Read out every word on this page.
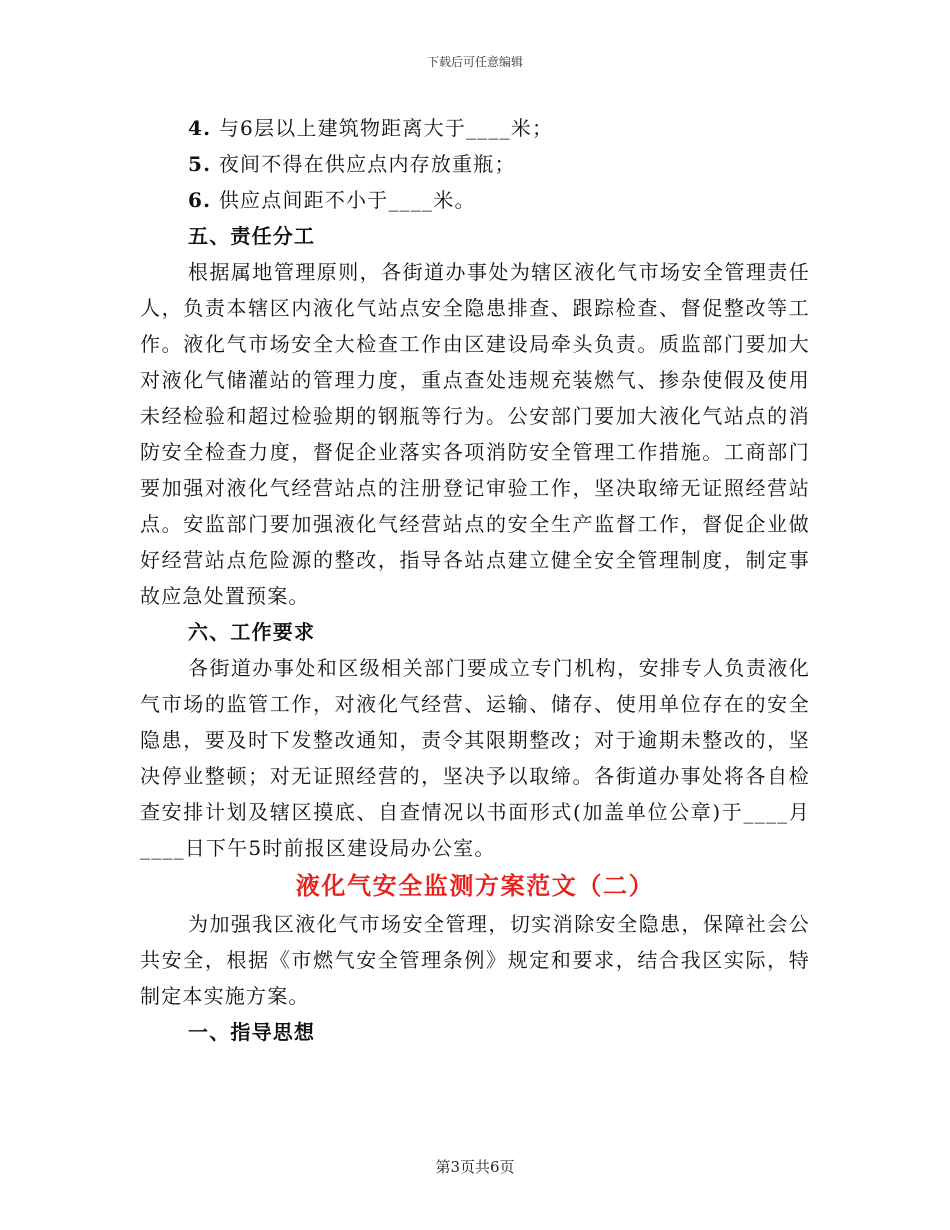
下载后可任意编辑

4. 与6层以上建筑物距离大于____米；

5. 夜间不得在供应点内存放重瓶；

6. 供应点间距不小于____米。

五、责任分工

根据属地管理原则，各街道办事处为辖区液化气市场安全管理责任人，负责本辖区内液化气站点安全隐患排查、跟踪检查、督促整改等工作。液化气市场安全大检查工作由区建设局牵头负责。质监部门要加大对液化气储灌站的管理力度，重点查处违规充装燃气、掺杂使假及使用未经检验和超过检验期的钢瓶等行为。公安部门要加大液化气站点的消防安全检查力度，督促企业落实各项消防安全管理工作措施。工商部门要加强对液化气经营站点的注册登记审验工作，坚决取缔无证照经营站点。安监部门要加强液化气经营站点的安全生产监督工作，督促企业做好经营站点危险源的整改，指导各站点建立健全安全管理制度，制定事故应急处置预案。

六、工作要求

各街道办事处和区级相关部门要成立专门机构，安排专人负责液化气市场的监管工作，对液化气经营、运输、储存、使用单位存在的安全隐患，要及时下发整改通知，责令其限期整改；对于逾期未整改的，坚决停业整顿；对无证照经营的，坚决予以取缔。各街道办事处将各自检查安排计划及辖区摸底、自查情况以书面形式(加盖单位公章)于____月____日下午5时前报区建设局办公室。

液化气安全监测方案范文（二）

为加强我区液化气市场安全管理，切实消除安全隐患，保障社会公共安全，根据《市燃气安全管理条例》规定和要求，结合我区实际，特制定本实施方案。

一、指导思想

第3页共6页
